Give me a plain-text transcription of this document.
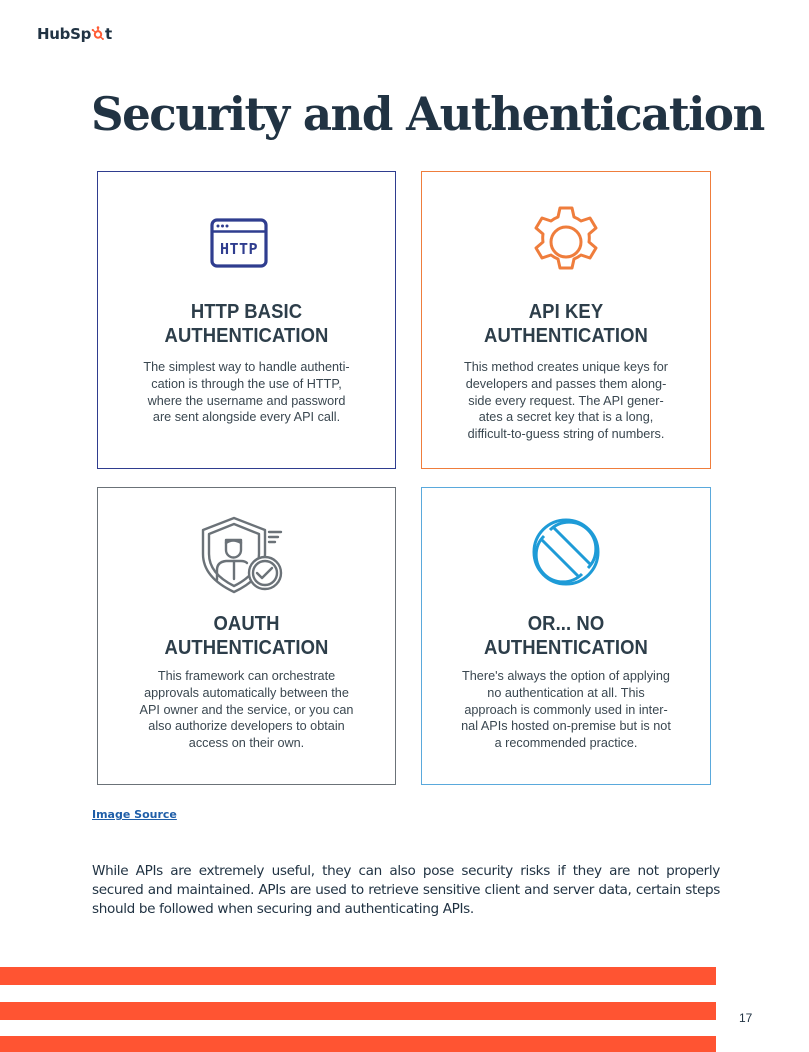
HubSp t
Security and Authentication
HTTP
HTTP BASIC
AUTHENTICATION
The simplest way to handle authenti-
cation is through the use of HTTP,
where the username and password
are sent alongside every API call.
API KEY
AUTHENTICATION
This method creates unique keys for
developers and passes them along-
side every request. The API gener-
ates a secret key that is a long,
difficult-to-guess string of numbers.
OAUTH
AUTHENTICATION
This framework can orchestrate
approvals automatically between the
API owner and the service, or you can
also authorize developers to obtain
access on their own.
OR... NO
AUTHENTICATION
There's always the option of applying
no authentication at all. This
approach is commonly used in inter-
nal APIs hosted on-premise but is not
a recommended practice.
Image Source

While APIs are extremely useful, they can also pose security risks if they are not properly secured and maintained. APIs are used to retrieve sensitive client and server data, certain steps should be followed when securing and authenticating APIs.

17
